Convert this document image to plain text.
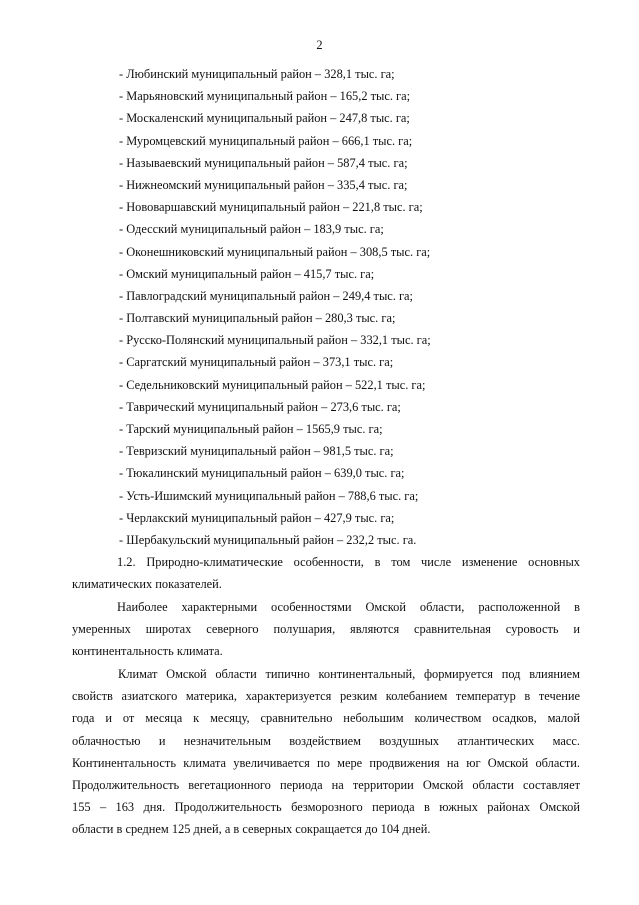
2
- Любинский муниципальный район – 328,1 тыс. га;
- Марьяновский муниципальный район – 165,2 тыс. га;
- Москаленский муниципальный район – 247,8 тыс. га;
- Муромцевский муниципальный район – 666,1 тыс. га;
- Называевский муниципальный район – 587,4 тыс. га;
- Нижнеомский муниципальный район – 335,4 тыс. га;
- Нововаршавский муниципальный район – 221,8 тыс. га;
- Одесский муниципальный район – 183,9 тыс. га;
- Оконешниковский муниципальный район – 308,5 тыс. га;
- Омский муниципальный район – 415,7 тыс. га;
- Павлоградский муниципальный район – 249,4 тыс. га;
- Полтавский муниципальный район – 280,3 тыс. га;
- Русско-Полянский муниципальный район – 332,1 тыс. га;
- Саргатский муниципальный район – 373,1 тыс. га;
- Седельниковский муниципальный район – 522,1 тыс. га;
- Таврический муниципальный район – 273,6 тыс. га;
- Тарский муниципальный район – 1565,9 тыс. га;
- Тевризский муниципальный район – 981,5 тыс. га;
- Тюкалинский муниципальный район – 639,0 тыс. га;
- Усть-Ишимский муниципальный район – 788,6 тыс. га;
- Черлакский муниципальный район – 427,9 тыс. га;
- Шербакульский муниципальный район – 232,2 тыс. га.
1.2. Природно-климатические особенности, в том числе изменение основных
климатических показателей.
Наиболее характерными особенностями Омской области, расположенной в
умеренных широтах северного полушария, являются сравнительная суровость и
континентальность климата.
Климат Омской области типично континентальный, формируется под влиянием
свойств азиатского материка, характеризуется резким колебанием температур в течение
года и от месяца к месяцу, сравнительно небольшим количеством осадков, малой
облачностью и незначительным воздействием воздушных атлантических масс.
Континентальность климата увеличивается по мере продвижения на юг Омской области.
Продолжительность вегетационного периода на территории Омской области составляет
155 – 163 дня. Продолжительность безморозного периода в южных районах Омской
области в среднем 125 дней, а в северных сокращается до 104 дней.
